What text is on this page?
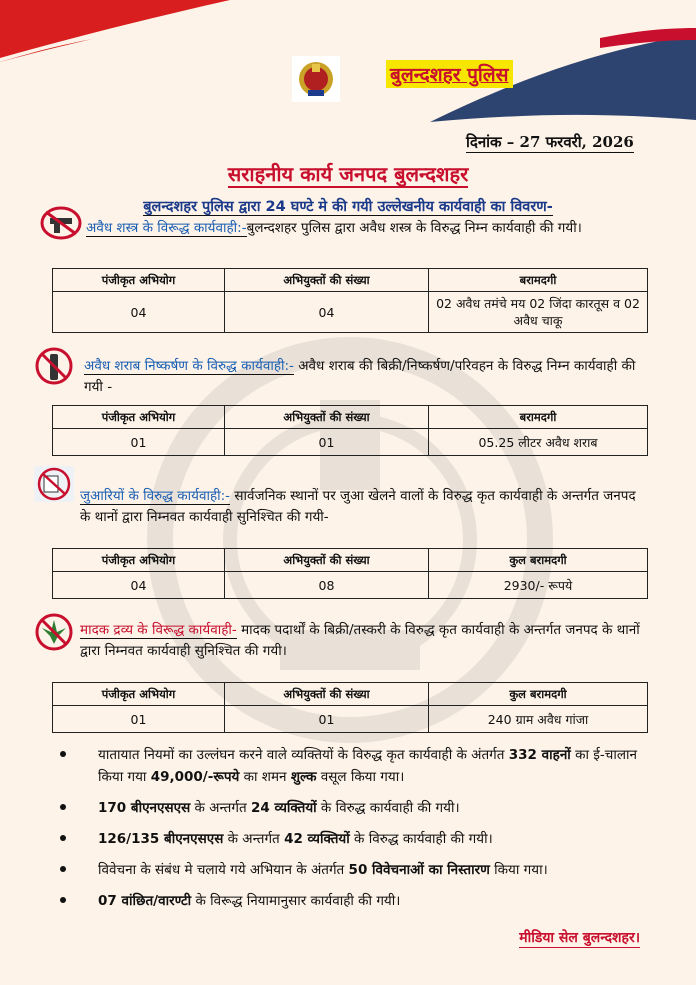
बुलन्दशहर पुलिस
दिनांक – 27 फरवरी, 2026
सराहनीय कार्य जनपद बुलन्दशहर
बुलन्दशहर पुलिस द्वारा 24 घण्टे मे की गयी उल्लेखनीय कार्यवाही का विवरण-
अवैध शस्त्र के विरूद्ध कार्यवाही:-बुलन्दशहर पुलिस द्वारा अवैध शस्त्र के विरुद्ध निम्न कार्यवाही की गयी।
पंजीकृत अभियोग	अभियुक्तों की संख्या	बरामदगी
04	04	02 अवैध तमंचे मय 02 जिंदा कारतूस व 02 अवैध चाकू
अवैध शराब निष्कर्षण के विरुद्ध कार्यवाही:- अवैध शराब की बिक्री/निष्कर्षण/परिवहन के विरुद्ध निम्न कार्यवाही की गयी -
पंजीकृत अभियोग	अभियुक्तों की संख्या	बरामदगी
01	01	05.25 लीटर अवैध शराब
जुआरियों के विरुद्ध कार्यवाही:- सार्वजनिक स्थानों पर जुआ खेलने वालों के विरुद्ध कृत कार्यवाही के अन्तर्गत जनपद के थानों द्वारा निम्नवत कार्यवाही सुनिश्चित की गयी-
पंजीकृत अभियोग	अभियुक्तों की संख्या	कुल बरामदगी
04	08	2930/- रूपये
मादक द्रव्य के विरूद्ध कार्यवाही- मादक पदार्थों के बिक्री/तस्करी के विरुद्ध कृत कार्यवाही के अन्तर्गत जनपद के थानों द्वारा निम्नवत कार्यवाही सुनिश्चित की गयी।
पंजीकृत अभियोग	अभियुक्तों की संख्या	कुल बरामदगी
01	01	240 ग्राम अवैध गांजा
यातायात नियमों का उल्लंघन करने वाले व्यक्तियों के विरुद्ध कृत कार्यवाही के अंतर्गत 332 वाहनों का ई-चालान किया गया 49,000/-रूपये का शमन शुल्क वसूल किया गया।
170 बीएनएसएस के अन्तर्गत 24 व्यक्तियों के विरुद्ध कार्यवाही की गयी।
126/135 बीएनएसएस के अन्तर्गत 42 व्यक्तियों के विरुद्ध कार्यवाही की गयी।
विवेचना के संबंध मे चलाये गये अभियान के अंतर्गत 50 विवेचनाओं का निस्तारण किया गया।
07 वांछित/वारण्टी के विरूद्ध नियामानुसार कार्यवाही की गयी।
मीडिया सेल बुलन्दशहर।
